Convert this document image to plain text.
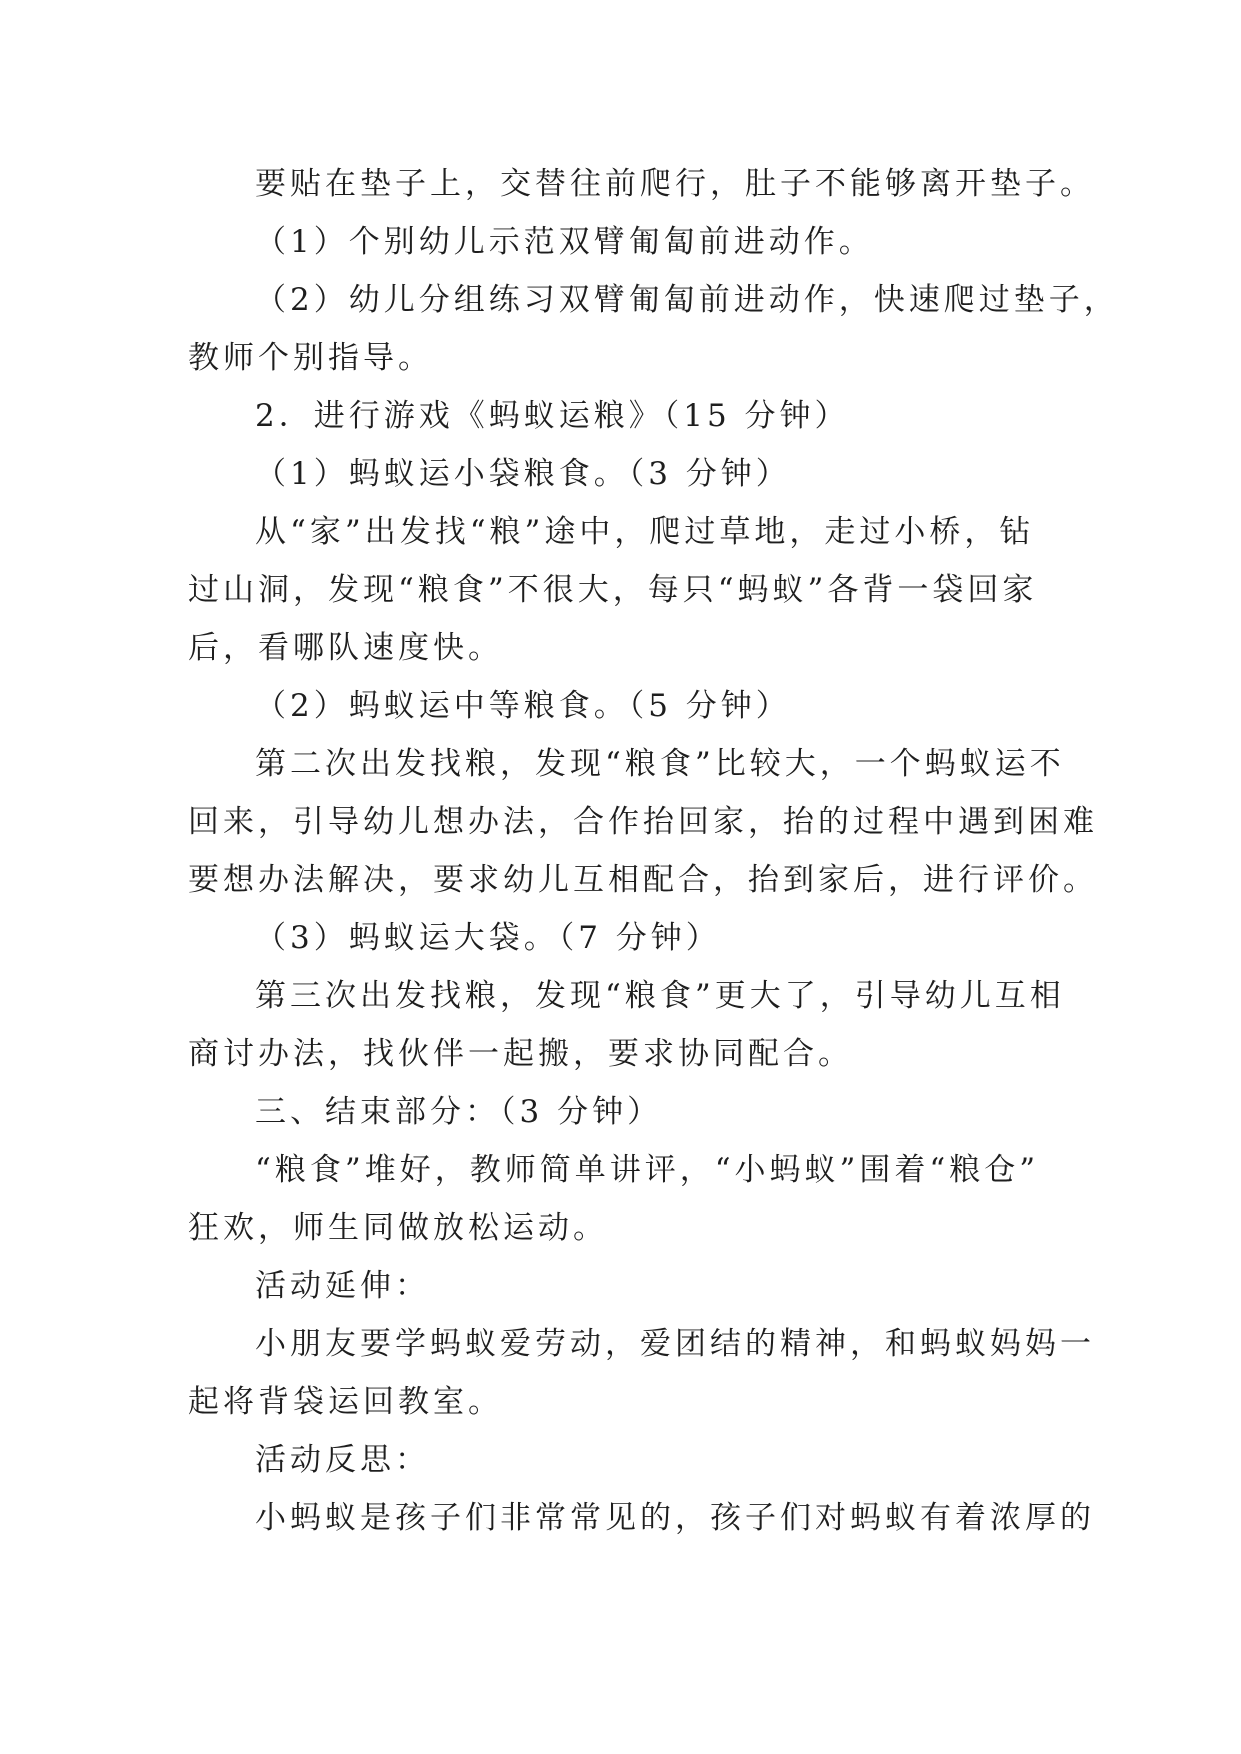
要贴在垫子上，交替往前爬行，肚子不能够离开垫子。
（1）个别幼儿示范双臂匍匐前进动作。
（2）幼儿分组练习双臂匍匐前进动作，快速爬过垫子，
教师个别指导。
2．进行游戏《蚂蚁运粮》（15 分钟）
（1）蚂蚁运小袋粮食。（3 分钟）
从“家”出发找“粮”途中，爬过草地，走过小桥，钻
过山洞，发现“粮食”不很大，每只“蚂蚁”各背一袋回家
后，看哪队速度快。
（2）蚂蚁运中等粮食。（5 分钟）
第二次出发找粮，发现“粮食”比较大，一个蚂蚁运不
回来，引导幼儿想办法，合作抬回家，抬的过程中遇到困难
要想办法解决，要求幼儿互相配合，抬到家后，进行评价。
（3）蚂蚁运大袋。（7 分钟）
第三次出发找粮，发现“粮食”更大了，引导幼儿互相
商讨办法，找伙伴一起搬，要求协同配合。
三、结束部分：（3 分钟）
“粮食”堆好，教师简单讲评，“小蚂蚁”围着“粮仓”
狂欢，师生同做放松运动。
活动延伸：
小朋友要学蚂蚁爱劳动，爱团结的精神，和蚂蚁妈妈一
起将背袋运回教室。
活动反思：
小蚂蚁是孩子们非常常见的，孩子们对蚂蚁有着浓厚的
